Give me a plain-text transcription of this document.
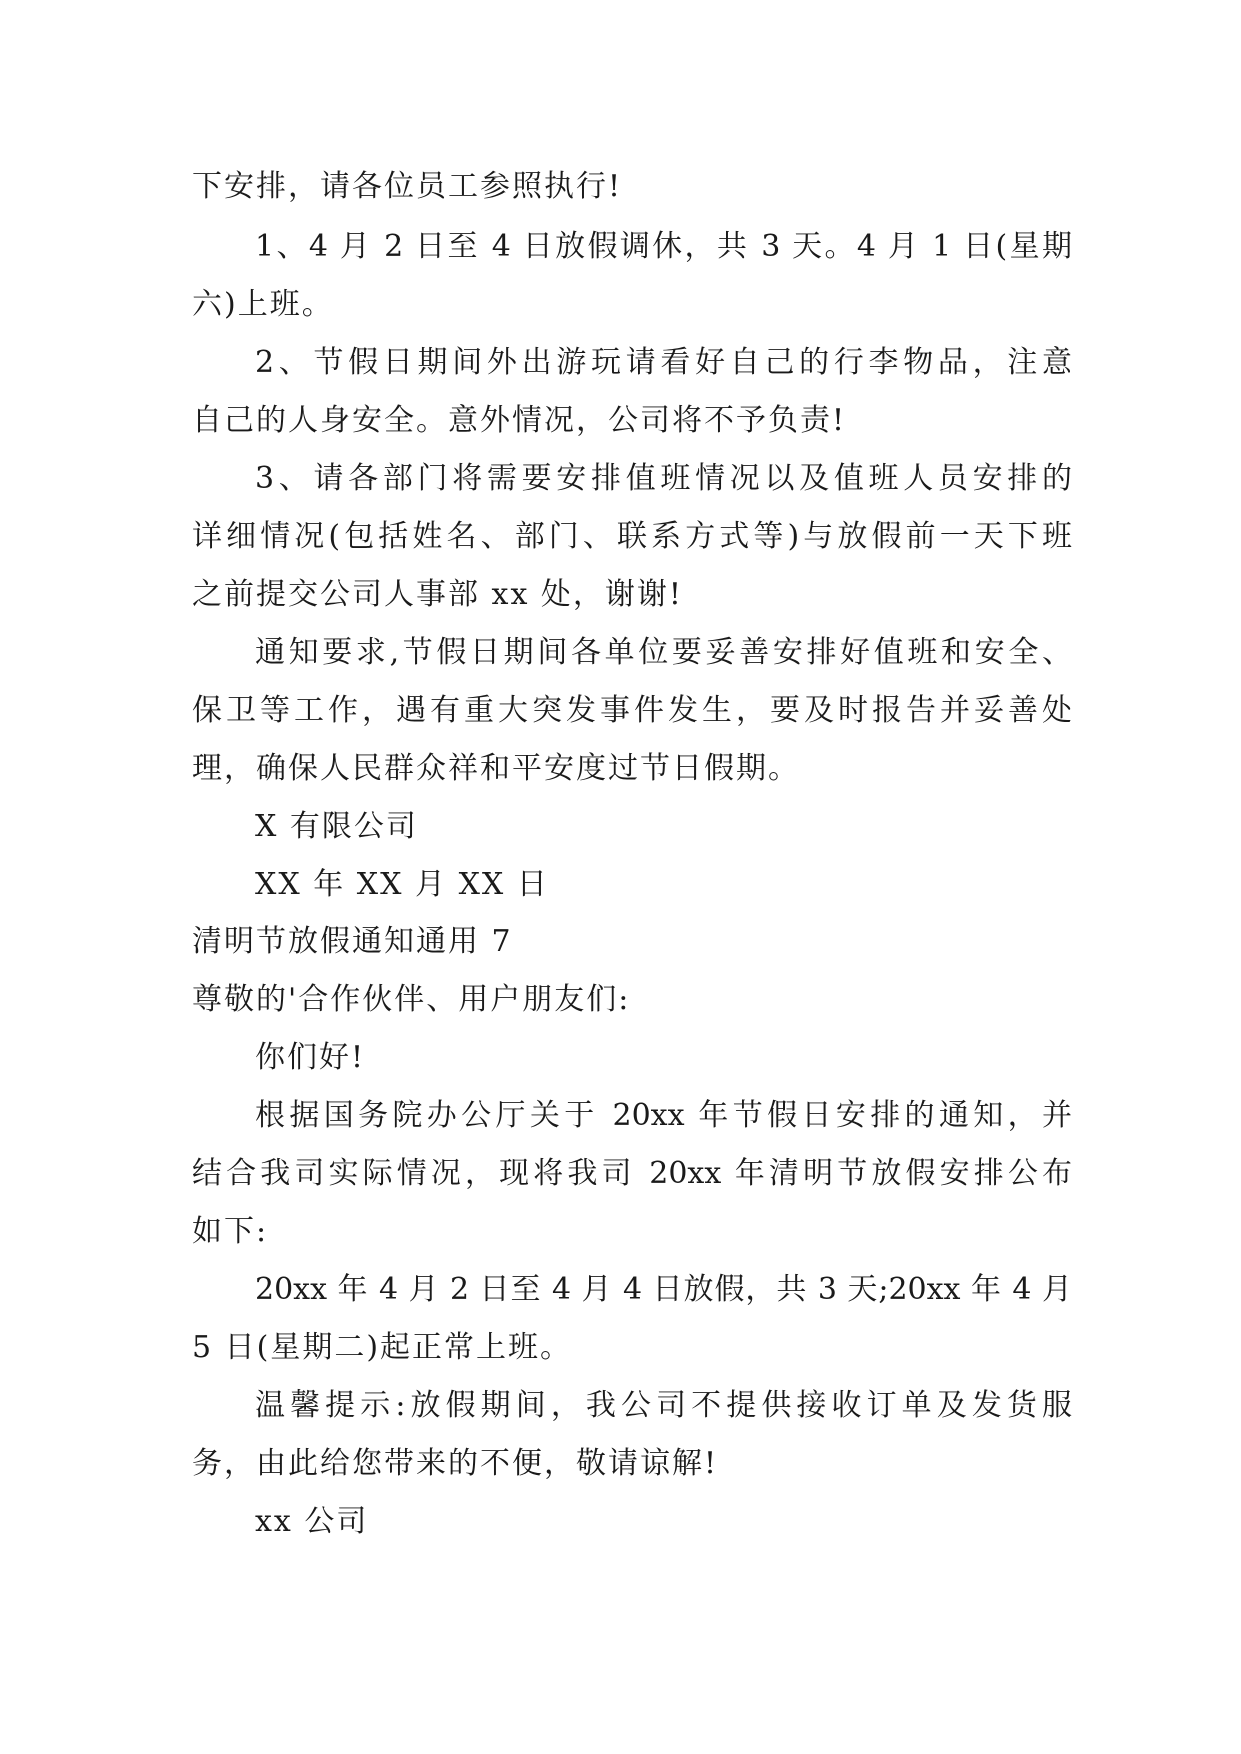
下安排，请各位员工参照执行!
1、4 月 2 日至 4 日放假调休，共 3 天。4 月 1 日(星期
六)上班。
2、节假日期间外出游玩请看好自己的行李物品，注意
自己的人身安全。意外情况，公司将不予负责!
3、请各部门将需要安排值班情况以及值班人员安排的
详细情况(包括姓名、部门、联系方式等)与放假前一天下班
之前提交公司人事部 xx 处，谢谢!
通知要求,节假日期间各单位要妥善安排好值班和安全、
保卫等工作，遇有重大突发事件发生，要及时报告并妥善处
理，确保人民群众祥和平安度过节日假期。
X 有限公司
XX 年 XX 月 XX 日
清明节放假通知通用 7
尊敬的'合作伙伴、用户朋友们:
你们好!
根据国务院办公厅关于 20xx 年节假日安排的通知，并
结合我司实际情况，现将我司 20xx 年清明节放假安排公布
如下:
20xx 年 4 月 2 日至 4 月 4 日放假，共 3 天;20xx 年 4 月
5 日(星期二)起正常上班。
温馨提示:放假期间，我公司不提供接收订单及发货服
务，由此给您带来的不便，敬请谅解!
xx 公司
